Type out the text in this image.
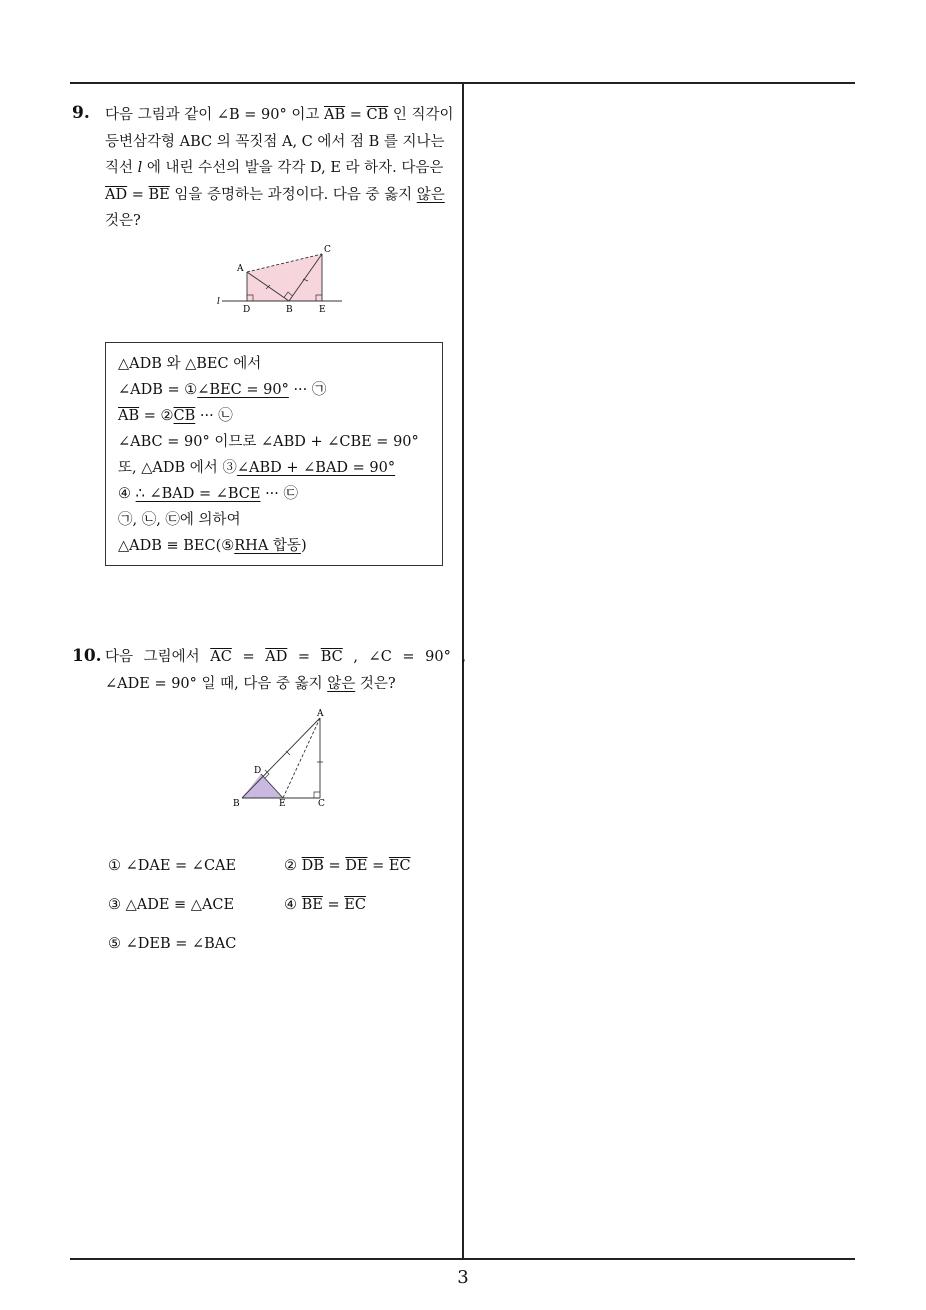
9. 다음 그림과 같이 ∠B = 90° 이고 $\overline{AB} = \overline{CB}$ 인 직각이
등변삼각형 ABC 의 꼭짓점 A, C 에서 점 B 를 지나는
직선 l 에 내린 수선의 발을 각각 D, E 라 하자. 다음은
$\overline{AD} = \overline{BE}$ 임을 증명하는 과정이다. 다음 중 옳지 않은
것은?
A
C
D	B	E
l
△ADB 와 △BEC 에서
∠ADB = ①∠BEC = 90° ··· ㉠
$\overline{AB}$ = ②CB ··· ㉡
∠ABC = 90° 이므로 ∠ABD + ∠CBE = 90°
또, △ADB 에서 ③∠ABD + ∠BAD = 90°
④ ∴ ∠BAD = ∠BCE ··· ㉢
㉠, ㉡, ㉢에 의하여
△ADB ≡ BEC(⑤RHA 합동)
10. 다음 그림에서 $\overline{AC} = \overline{AD} = \overline{BC}$ , ∠C = 90° ,
∠ADE = 90° 일 때, 다음 중 옳지 않은 것은?
A
D
B	E	C
① ∠DAE = ∠CAE	② $\overline{DB} = \overline{DE} = \overline{EC}$
③ △ADE ≡ △ACE	④ $\overline{BE} = \overline{EC}$
⑤ ∠DEB = ∠BAC
3
